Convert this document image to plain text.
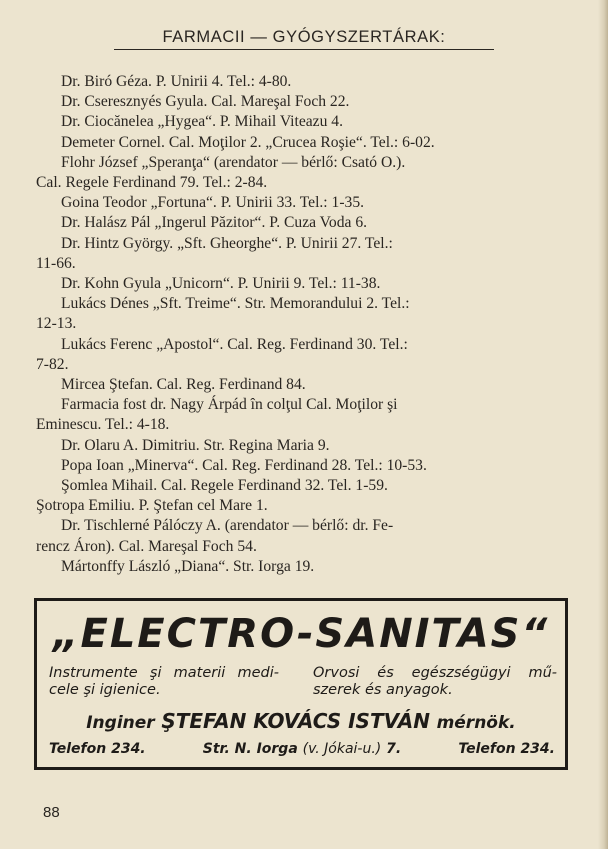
FARMACII — GYÓGYSZERTÁRAK:

Dr. Biró Géza. P. Unirii 4. Tel.: 4-80.

Dr. Cseresznyés Gyula. Cal. Mareşal Foch 22.

Dr. Ciocănelea „Hygea“. P. Mihail Viteazu 4.

Demeter Cornel. Cal. Moţilor 2. „Crucea Roşie“. Tel.: 6-02.

Flohr József „Speranţa“ (arendator — bérlő: Csató O.).

Cal. Regele Ferdinand 79. Tel.: 2-84.

Goina Teodor „Fortuna“. P. Unirii 33. Tel.: 1-35.

Dr. Halász Pál „Ingerul Păzitor“. P. Cuza Voda 6.

Dr. Hintz György. „Sft. Gheorghe“. P. Unirii 27. Tel.:

11-66.

Dr. Kohn Gyula „Unicorn“. P. Unirii 9. Tel.: 11-38.

Lukács Dénes „Sft. Treime“. Str. Memorandului 2. Tel.:

12-13.

Lukács Ferenc „Apostol“. Cal. Reg. Ferdinand 30. Tel.:

7-82.

Mircea Ştefan. Cal. Reg. Ferdinand 84.

Farmacia fost dr. Nagy Árpád în colţul Cal. Moţilor şi

Eminescu. Tel.: 4-18.

Dr. Olaru A. Dimitriu. Str. Regina Maria 9.

Popa Ioan „Minerva“. Cal. Reg. Ferdinand 28. Tel.: 10-53.

Şomlea Mihail. Cal. Regele Ferdinand 32. Tel. 1-59.

Şotropa Emiliu. P. Ştefan cel Mare 1.

Dr. Tischlerné Pálóczy A. (arendator — bérlő: dr. Fe-

rencz Áron). Cal. Mareşal Foch 54.

Mártonffy László „Diana“. Str. Iorga 19.

„ELECTRO-SANITAS“
Instrumente şi materii medi-cele şi igienice.
Orvosi és egészségügyi mű-szerek és anyagok.
Inginer ŞTEFAN KOVÁCS ISTVÁN mérnök.
Telefon 234.	Str. N. Iorga (v. Jókai-u.) 7.	Telefon 234.
88
